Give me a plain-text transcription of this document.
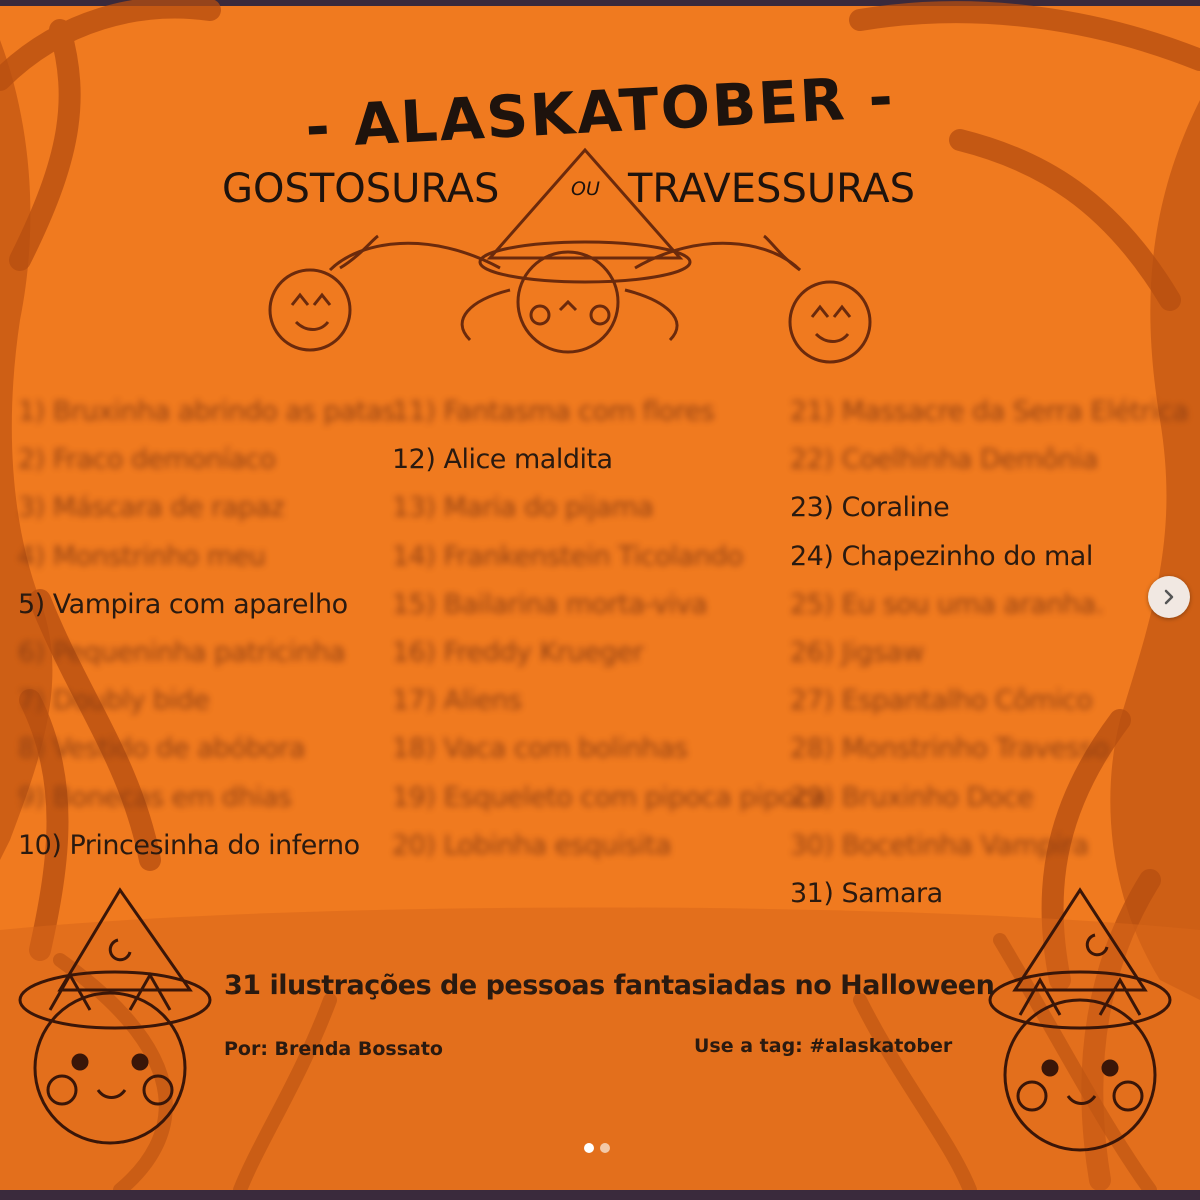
- ALASKATOBER -
GOSTOSURAS	OU TRAVESSURAS
1) Bruxinha abrindo as patas
2) Fraco demoníaco
3) Máscara de rapaz
4) Monstrinho meu
5) Vampira com aparelho
6) Pequeninha patricinha
7) Doubly bide
8) Vestido de abóbora
9) Bonecas em dhias
10) Princesinha do inferno
11) Fantasma com flores
12) Alice maldita
13) Maria do pijama
14) Frankenstein Ticolando
15) Bailarina morta-viva
16) Freddy Krueger
17) Aliens
18) Vaca com bolinhas
19) Esqueleto com pipoca pipoca
20) Lobinha esquisita
21) Massacre da Serra Elétrica
22) Coelhinha Demônia
23) Coraline
24) Chapezinho do mal
25) Eu sou uma aranha.
26) Jigsaw
27) Espantalho Cômico
28) Monstrinho Travesso
29) Bruxinho Doce
30) Bocetinha Vampira
31) Samara
31 ilustrações de pessoas fantasiadas no Halloween
Por: Brenda Bossato	Use a tag: #alaskatober
